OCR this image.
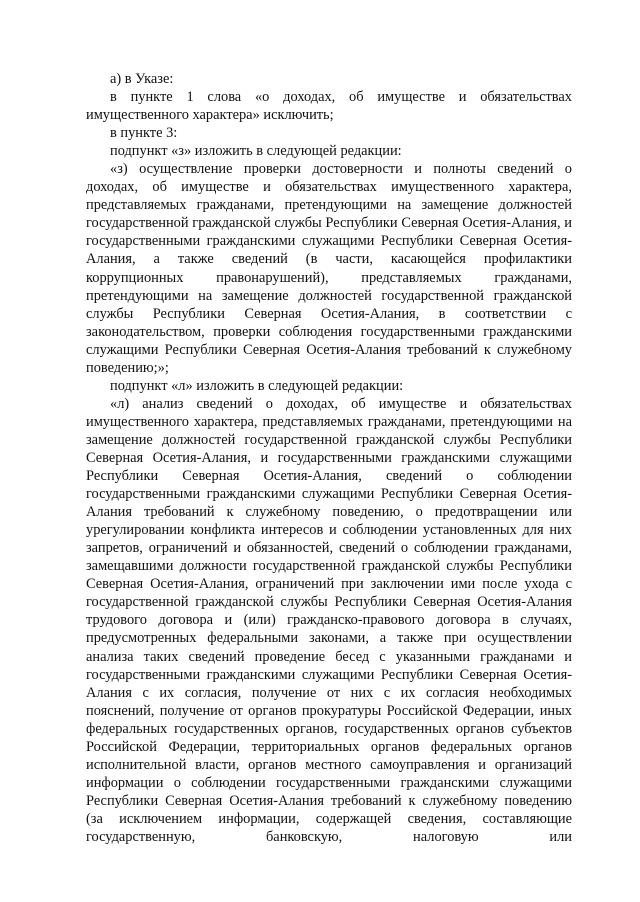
а) в Указе:

в пункте 1 слова «о доходах, об имуществе и обязательствах имущественного характера» исключить;

в пункте 3:

подпункт «з» изложить в следующей редакции:

«з) осуществление проверки достоверности и полноты сведений о доходах, об имуществе и обязательствах имущественного характера, представляемых гражданами, претендующими на замещение должностей государственной гражданской службы Республики Северная Осетия-Алания, и государственными гражданскими служащими Республики Северная Осетия-Алания, а также сведений (в части, касающейся профилактики коррупционных правонарушений), представляемых гражданами, претендующими на замещение должностей государственной гражданской службы Республики Северная Осетия-Алания, в соответствии с законодательством, проверки соблюдения государственными гражданскими служащими Республики Северная Осетия-Алания требований к служебному поведению;»;

подпункт «л» изложить в следующей редакции:

«л) анализ сведений о доходах, об имуществе и обязательствах имущественного характера, представляемых гражданами, претендующими на замещение должностей государственной гражданской службы Республики Северная Осетия-Алания, и государственными гражданскими служащими Республики Северная Осетия-Алания, сведений о соблюдении государственными гражданскими служащими Республики Северная Осетия-Алания требований к служебному поведению, о предотвращении или урегулировании конфликта интересов и соблюдении установленных для них запретов, ограничений и обязанностей, сведений о соблюдении гражданами, замещавшими должности государственной гражданской службы Республики Северная Осетия-Алания, ограничений при заключении ими после ухода с государственной гражданской службы Республики Северная Осетия-Алания трудового договора и (или) гражданско-правового договора в случаях, предусмотренных федеральными законами, а также при осуществлении анализа таких сведений проведение бесед с указанными гражданами и государственными гражданскими служащими Республики Северная Осетия-Алания с их согласия, получение от них с их согласия необходимых пояснений, получение от органов прокуратуры Российской Федерации, иных федеральных государственных органов, государственных органов субъектов Российской Федерации, территориальных органов федеральных органов исполнительной власти, органов местного самоуправления и организаций информации о соблюдении государственными гражданскими служащими Республики Северная Осетия-Алания требований к служебному поведению (за исключением информации, содержащей сведения, составляющие государственную, банковскую, налоговую или
